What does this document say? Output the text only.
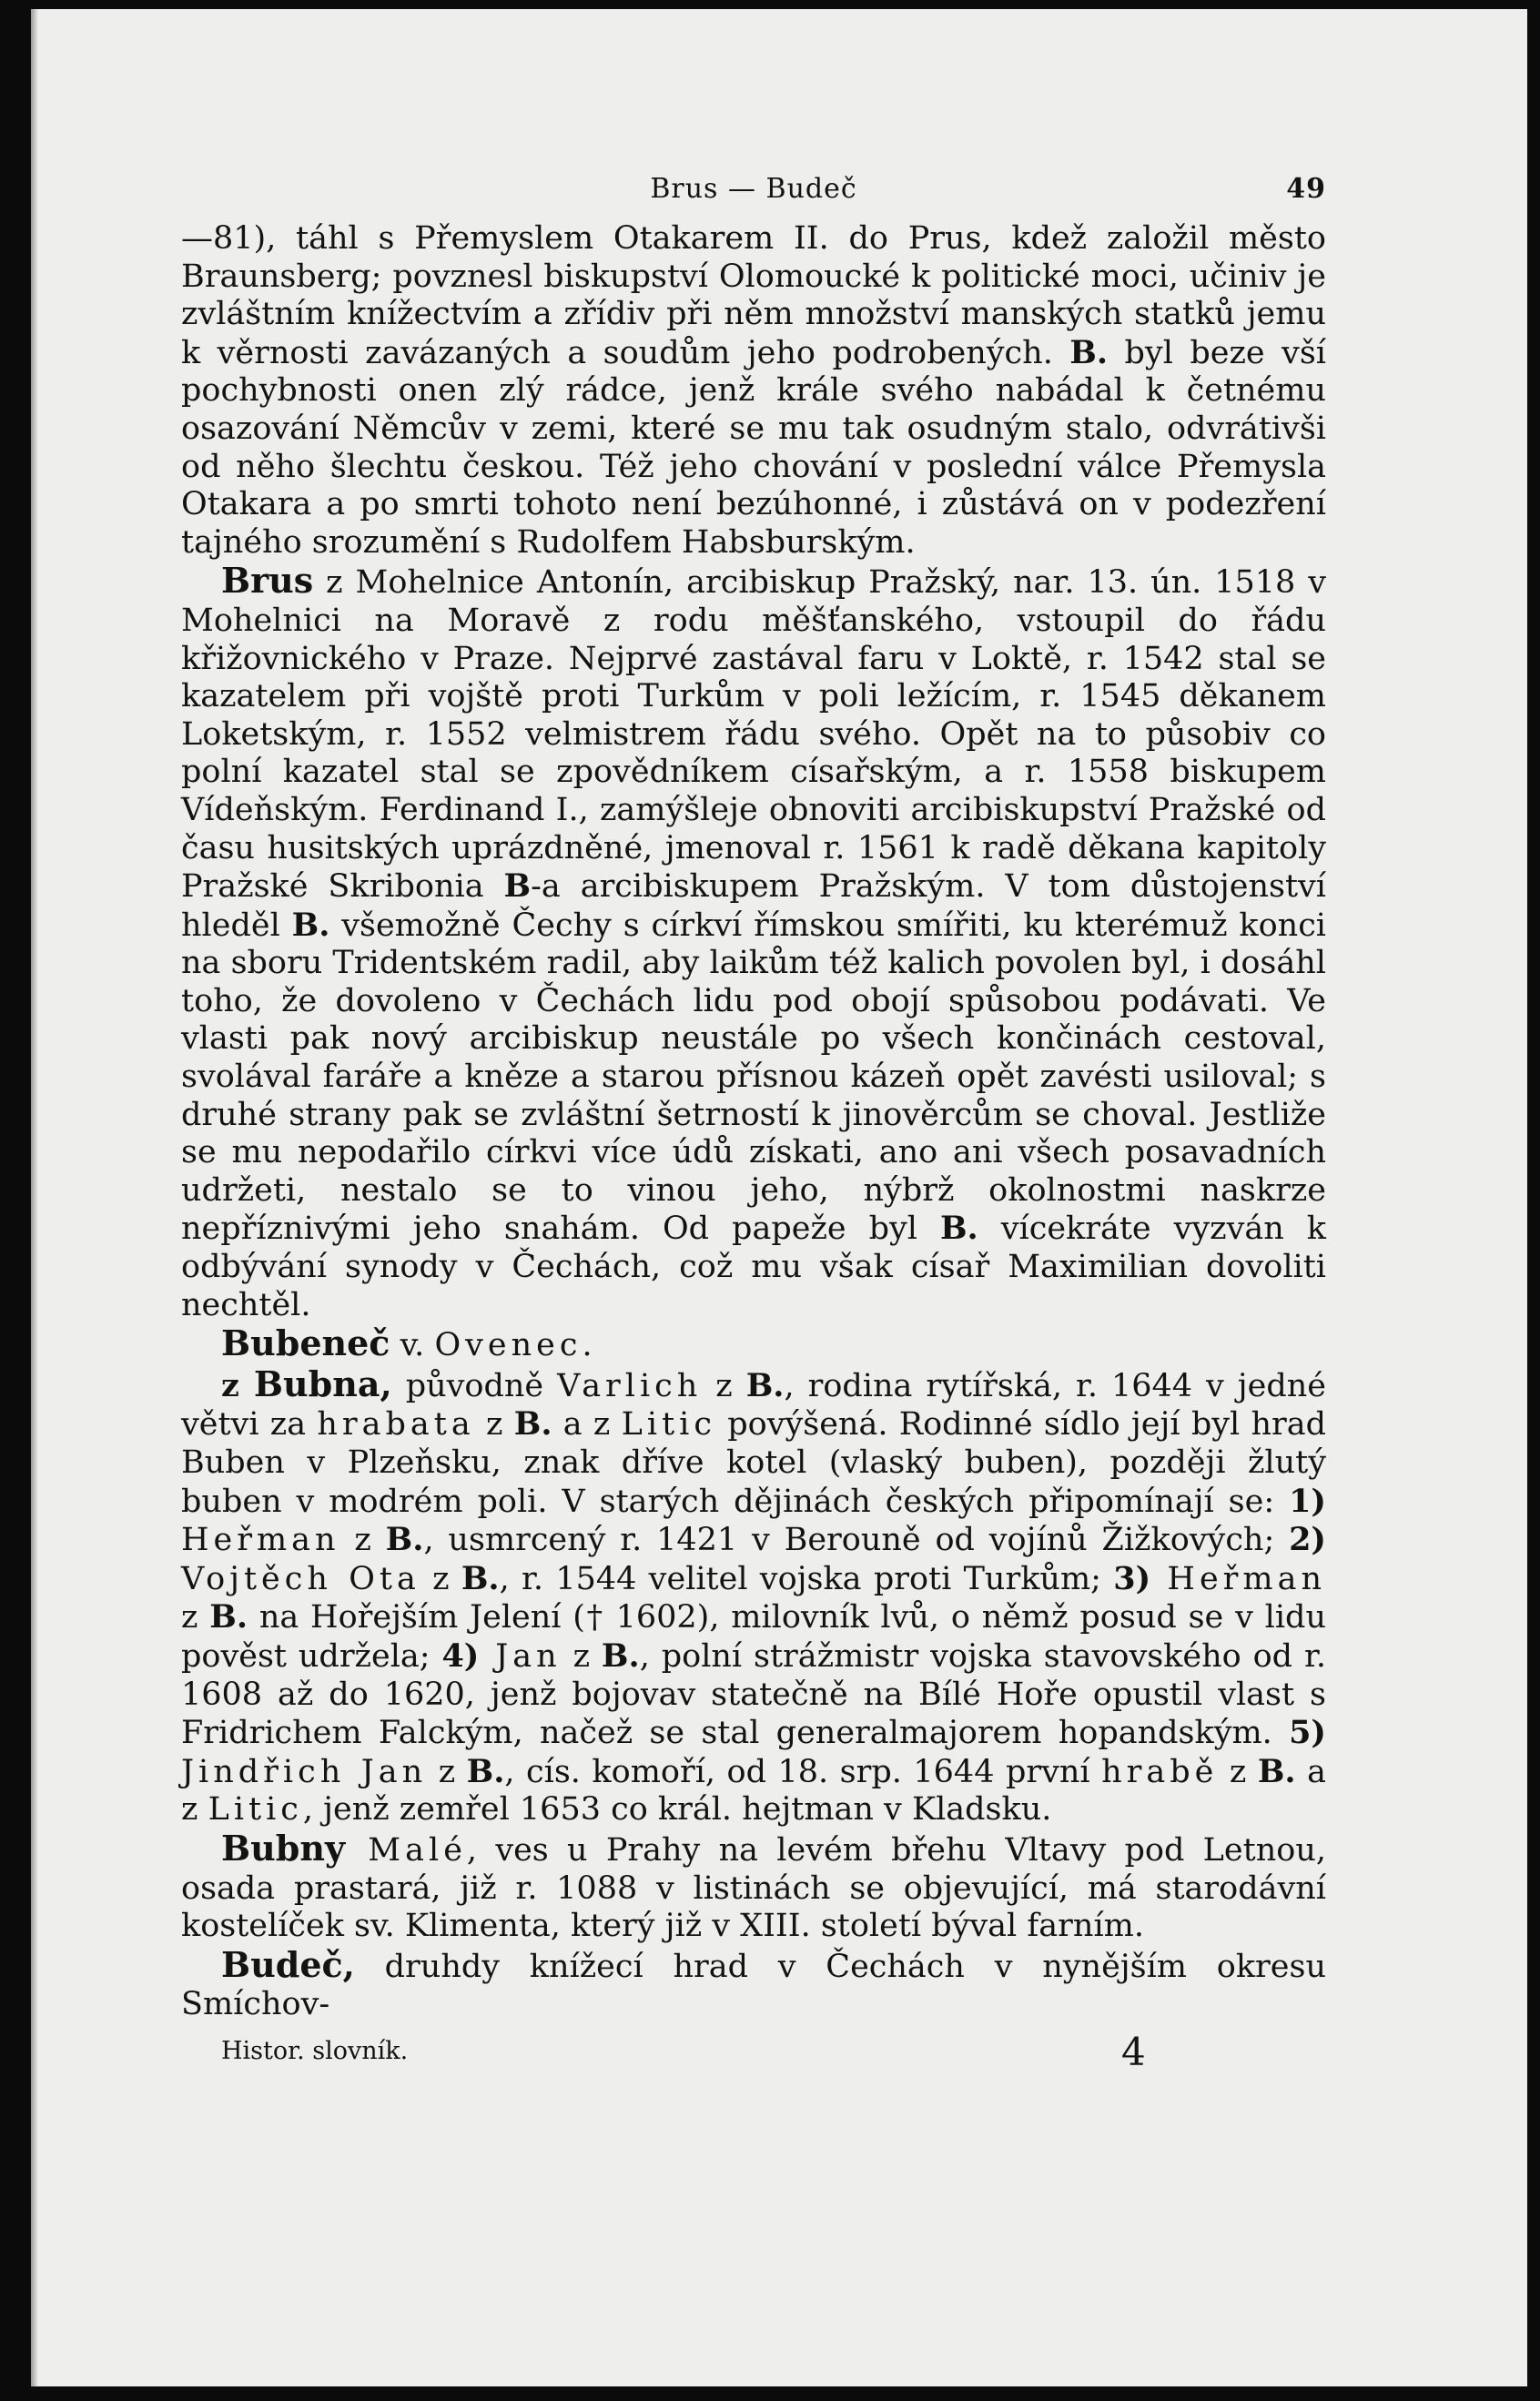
Brus — Budeč	49

—81), táhl s Přemyslem Otakarem II. do Prus, kdež založil město Braunsberg; povznesl biskupství Olomoucké k politické moci, učiniv je zvláštním knížectvím a zřídiv při něm množství manských statků jemu k věrnosti zavázaných a soudům jeho podrobených. B. byl beze vší pochybnosti onen zlý rádce, jenž krále svého nabádal k četnému osazování Němcův v zemi, které se mu tak osudným stalo, odvrátivši od něho šlechtu českou. Též jeho chování v poslední válce Přemysla Otakara a po smrti tohoto není bezúhonné, i zůstává on v podezření tajného srozumění s Rudolfem Habsburským.

Brus z Mohelnice Antonín, arcibiskup Pražský, nar. 13. ún. 1518 v Mohelnici na Moravě z rodu měšťanského, vstoupil do řádu křižovnického v Praze. Nejprvé zastával faru v Loktě, r. 1542 stal se kazatelem při vojště proti Turkům v poli ležícím, r. 1545 děkanem Loketským, r. 1552 velmistrem řádu svého. Opět na to působiv co polní kazatel stal se zpovědníkem císařským, a r. 1558 biskupem Vídeňským. Ferdinand I., zamýšleje obnoviti arcibiskupství Pražské od času husitských uprázdněné, jmenoval r. 1561 k radě děkana kapitoly Pražské Skribonia B-a arcibiskupem Pražským. V tom důstojenství hleděl B. všemožně Čechy s církví římskou smířiti, ku kterémuž konci na sboru Tridentském radil, aby laikům též kalich povolen byl, i dosáhl toho, že dovoleno v Čechách lidu pod obojí spůsobou podávati. Ve vlasti pak nový arcibiskup neustále po všech končinách cestoval, svolával faráře a kněze a starou přísnou kázeň opět zavésti usiloval; s druhé strany pak se zvláštní šetrností k jinověrcům se choval. Jestliže se mu nepodařilo církvi více údů získati, ano ani všech posavadních udržeti, nestalo se to vinou jeho, nýbrž okolnostmi naskrze nepříznivými jeho snahám. Od papeže byl B. vícekráte vyzván k odbývání synody v Čechách, což mu však císař Maximilian dovoliti nechtěl.

Bubeneč v. Ovenec.

z Bubna, původně Varlich z B., rodina rytířská, r. 1644 v jedné větvi za hrabata z B. a z Litic povýšená. Rodinné sídlo její byl hrad Buben v Plzeňsku, znak dříve kotel (vlaský buben), později žlutý buben v modrém poli. V starých dějinách českých připomínají se: 1) Heřman z B., usmrcený r. 1421 v Berouně od vojínů Žižkových; 2) Vojtěch Ota z B., r. 1544 velitel vojska proti Turkům; 3) Heřman z B. na Hořejším Jelení († 1602), milovník lvů, o němž posud se v lidu pověst udržela; 4) Jan z B., polní strážmistr vojska stavovského od r. 1608 až do 1620, jenž bojovav statečně na Bílé Hoře opustil vlast s Fridrichem Falckým, načež se stal generalmajorem hopandským. 5) Jindřich Jan z B., cís. komoří, od 18. srp. 1644 první hrabě z B. a z Litic, jenž zemřel 1653 co král. hejtman v Kladsku.

Bubny Malé, ves u Prahy na levém břehu Vltavy pod Letnou, osada prastará, již r. 1088 v listinách se objevující, má starodávní kostelíček sv. Klimenta, který již v XIII. století býval farním.

Budeč, druhdy knížecí hrad v Čechách v nynějším okresu Smíchov-

Histor. slovník.	4
